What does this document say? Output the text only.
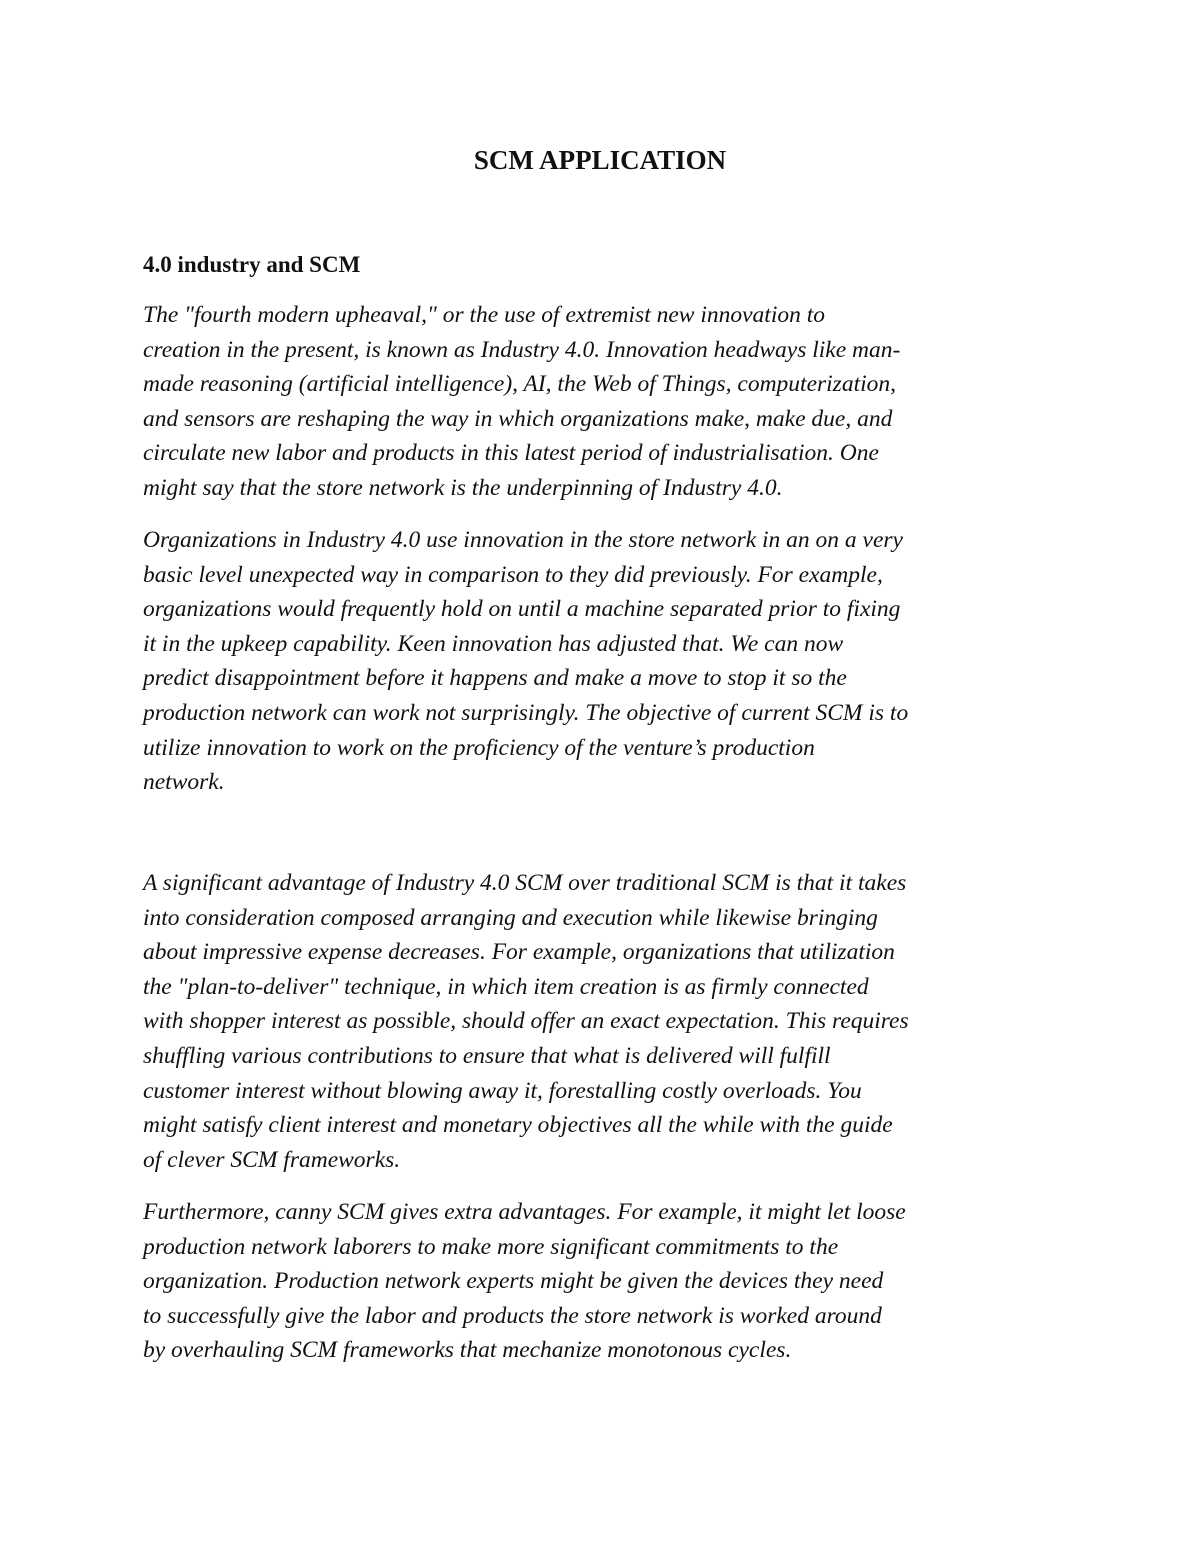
SCM APPLICATION
4.0 industry and SCM
The "fourth modern upheaval," or the use of extremist new innovation to
creation in the present, is known as Industry 4.0. Innovation headways like man-
made reasoning (artificial intelligence), AI, the Web of Things, computerization,
and sensors are reshaping the way in which organizations make, make due, and
circulate new labor and products in this latest period of industrialisation. One
might say that the store network is the underpinning of Industry 4.0.
Organizations in Industry 4.0 use innovation in the store network in an on a very
basic level unexpected way in comparison to they did previously. For example,
organizations would frequently hold on until a machine separated prior to fixing
it in the upkeep capability. Keen innovation has adjusted that. We can now
predict disappointment before it happens and make a move to stop it so the
production network can work not surprisingly. The objective of current SCM is to
utilize innovation to work on the proficiency of the venture’s production
network.
A significant advantage of Industry 4.0 SCM over traditional SCM is that it takes
into consideration composed arranging and execution while likewise bringing
about impressive expense decreases. For example, organizations that utilization
the "plan-to-deliver" technique, in which item creation is as firmly connected
with shopper interest as possible, should offer an exact expectation. This requires
shuffling various contributions to ensure that what is delivered will fulfill
customer interest without blowing away it, forestalling costly overloads. You
might satisfy client interest and monetary objectives all the while with the guide
of clever SCM frameworks.
Furthermore, canny SCM gives extra advantages. For example, it might let loose
production network laborers to make more significant commitments to the
organization. Production network experts might be given the devices they need
to successfully give the labor and products the store network is worked around
by overhauling SCM frameworks that mechanize monotonous cycles.
